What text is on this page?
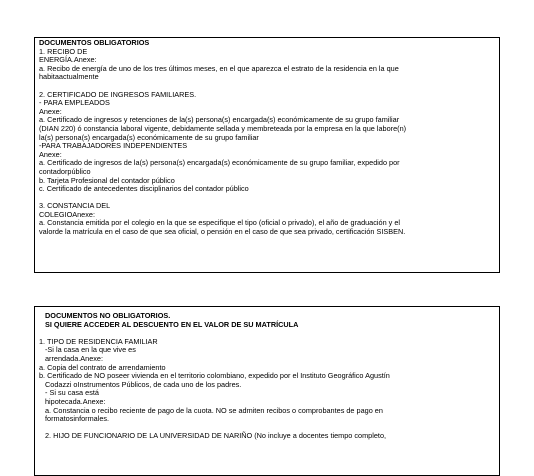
DOCUMENTOS OBLIGATORIOS
1. RECIBO DE
ENERGÍA.Anexe:
a. Recibo de energía de uno de los tres últimos meses, en el que aparezca el estrato de la residencia en la que
habitaactualmente
2. CERTIFICADO DE INGRESOS FAMILIARES.
- PARA EMPLEADOS
Anexe:
a. Certificado de ingresos y retenciones de la(s) persona(s) encargada(s) económicamente de su grupo familiar
(DIAN 220) ó constancia laboral vigente, debidamente sellada y membreteada por la empresa en la que labore(n)
la(s) persona(s) encargada(s) económicamente de su grupo familiar
-PARA TRABAJADORES INDEPENDIENTES
Anexe:
a. Certificado de ingresos de la(s) persona(s) encargada(s) económicamente de su grupo familiar, expedido por
contadorpúblico
b. Tarjeta Profesional del contador público
c. Certificado de antecedentes disciplinarios del contador público
3. CONSTANCIA DEL
COLEGIOAnexe:
a. Constancia emitida por el colegio en la que se especifique el tipo (oficial o privado), el año de graduación y el
valorde la matrícula en el caso de que sea oficial, o pensión en el caso de que sea privado, certificación SISBEN.
DOCUMENTOS NO OBLIGATORIOS.
SI QUIERE ACCEDER AL DESCUENTO EN EL VALOR DE SU MATRÍCULA
1. TIPO DE RESIDENCIA FAMILIAR
-Si la casa en la que vive es
arrendada.Anexe:
a. Copia del contrato de arrendamiento
b. Certificado de NO poseer vivienda en el territorio colombiano, expedido por el Instituto Geográfico Agustín
Codazzi oInstrumentos Públicos, de cada uno de los padres.
- Si su casa está
hipotecada.Anexe:
a. Constancia o recibo reciente de pago de la cuota. NO se admiten recibos o comprobantes de pago en
formatosinformales.
2. HIJO DE FUNCIONARIO DE LA UNIVERSIDAD DE NARIÑO (No incluye a docentes tiempo completo,
